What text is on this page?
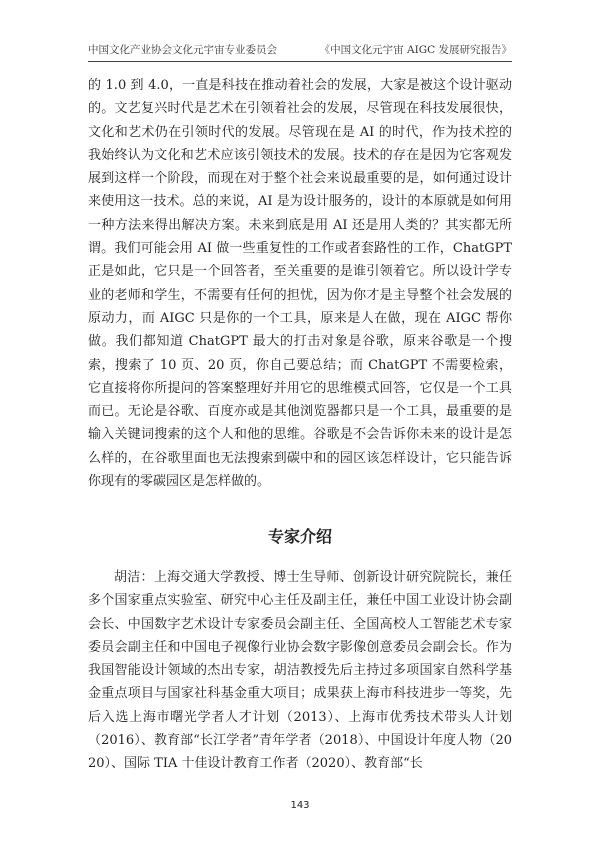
中国文化产业协会文化元宇宙专业委员会	《中国文化元宇宙 AIGC 发展研究报告》

的 1.0 到 4.0，一直是科技在推动着社会的发展，大家是被这个设计驱动的。文艺复兴时代是艺术在引领着社会的发展，尽管现在科技发展很快，文化和艺术仍在引领时代的发展。尽管现在是 AI 的时代，作为技术控的我始终认为文化和艺术应该引领技术的发展。技术的存在是因为它客观发展到这样一个阶段，而现在对于整个社会来说最重要的是，如何通过设计来使用这一技术。总的来说，AI 是为设计服务的，设计的本原就是如何用一种方法来得出解决方案。未来到底是用 AI 还是用人类的？其实都无所谓。我们可能会用 AI 做一些重复性的工作或者套路性的工作，ChatGPT 正是如此，它只是一个回答者，至关重要的是谁引领着它。所以设计学专业的老师和学生，不需要有任何的担忧，因为你才是主导整个社会发展的原动力，而 AIGC 只是你的一个工具，原来是人在做，现在 AIGC 帮你做。我们都知道 ChatGPT 最大的打击对象是谷歌，原来谷歌是一个搜索，搜索了 10 页、20 页，你自己要总结；而 ChatGPT 不需要检索，它直接将你所提问的答案整理好并用它的思维模式回答，它仅是一个工具而已。无论是谷歌、百度亦或是其他浏览器都只是一个工具，最重要的是输入关键词搜索的这个人和他的思维。谷歌是不会告诉你未来的设计是怎么样的，在谷歌里面也无法搜索到碳中和的园区该怎样设计，它只能告诉你现有的零碳园区是怎样做的。

专家介绍

胡洁：上海交通大学教授、博士生导师、创新设计研究院院长，兼任多个国家重点实验室、研究中心主任及副主任，兼任中国工业设计协会副会长、中国数字艺术设计专家委员会副主任、全国高校人工智能艺术专家委员会副主任和中国电子视像行业协会数字影像创意委员会副会长。作为我国智能设计领域的杰出专家，胡洁教授先后主持过多项国家自然科学基金重点项目与国家社科基金重大项目；成果获上海市科技进步一等奖，先后入选上海市曙光学者人才计划（2013）、上海市优秀技术带头人计划（2016）、教育部“长江学者”青年学者（2018）、中国设计年度人物（2020）、国际 TIA 十佳设计教育工作者（2020）、教育部“长

143
